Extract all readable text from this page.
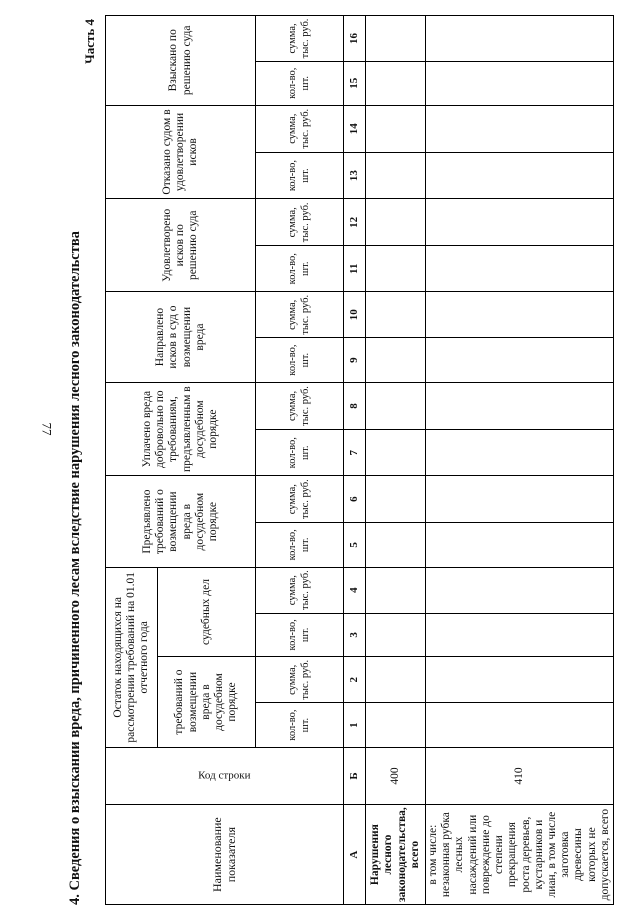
77 4. Сведения о взыскании вреда, причиненного лесам вследствие нарушения лесного законодательства
Часть 4
Наименование показателя	Код строки	Остаток находящихся на рассмотрении требований на 01.01 отчетного года				Предъявлено требований о возмещении вреда в досудебном порядке		Уплачено вреда добровольно по требованиям, предъявленным в досудебном порядке		Направлено исков в суд о возмещении вреда		Удовлетворено исков по решению суда		Отказано судом в удовлетворении исков		Взыскано по решению суда	
		требований о возмещении вреда в досудебном порядке		судебных дел													
		кол-во, шт.	сумма, тыс. руб.	кол-во, шт.	сумма, тыс. руб.	кол-во, шт.	сумма, тыс. руб.	кол-во, шт.	сумма, тыс. руб.	кол-во, шт.	сумма, тыс. руб.	кол-во, шт.	сумма, тыс. руб.	кол-во, шт.	сумма, тыс. руб.	кол-во, шт.	сумма, тыс. руб.
А	Б	1	2	3	4	5	6	7	8	9	10	11	12	13	14	15	16
Нарушения лесного законодательства, всего	400																
в том числе: незаконная рубка лесных насаждений или повреждение до степени прекращения роста деревьев, кустарников и лиан, в том числе заготовка древесины которых не допускается, всего	410																
